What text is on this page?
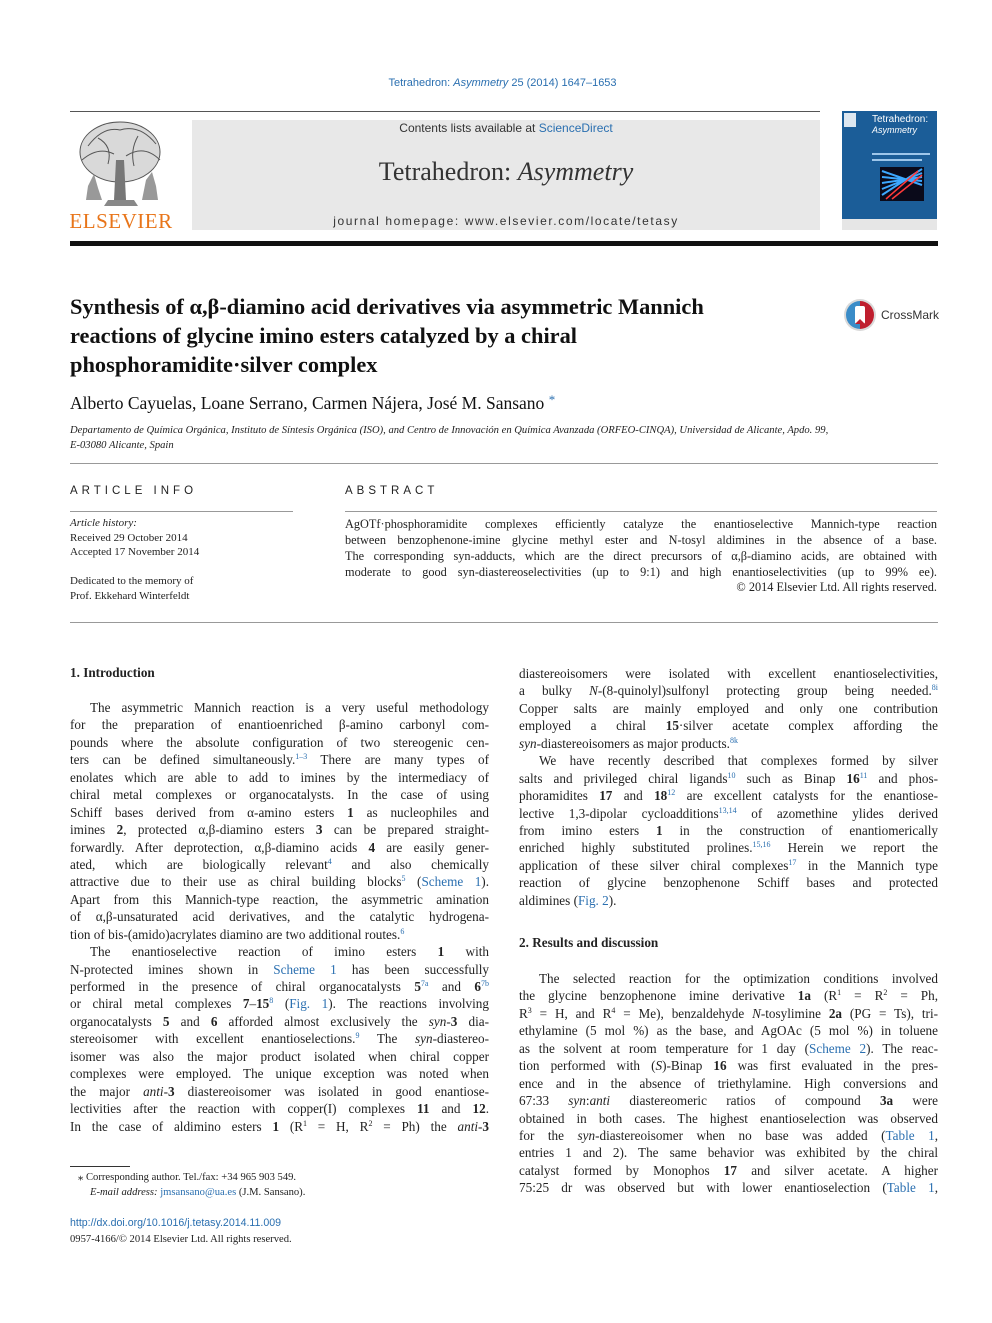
Tetrahedron: Asymmetry 25 (2014) 1647–1653
ELSEVIER
Contents lists available at ScienceDirect
Tetrahedron: Asymmetry
journal homepage: www.elsevier.com/locate/tetasy
Tetrahedron:
Asymmetry
Synthesis of α,β-diamino acid derivatives via asymmetric Mannich
reactions of glycine imino esters catalyzed by a chiral
phosphoramidite·silver complex
CrossMark
Alberto Cayuelas, Loane Serrano, Carmen Nájera, José M. Sansano *
Departamento de Química Orgánica, Instituto de Síntesis Orgánica (ISO), and Centro de Innovación en Química Avanzada (ORFEO-CINQA), Universidad de Alicante, Apdo. 99,
E-03080 Alicante, Spain
ARTICLE INFO
Article history:
Received 29 October 2014
Accepted 17 November 2014
Dedicated to the memory of
Prof. Ekkehard Winterfeldt
ABSTRACT
AgOTf·phosphoramidite complexes efficiently catalyze the enantioselective Mannich-type reaction
between benzophenone-imine glycine methyl ester and N-tosyl aldimines in the absence of a base.
The corresponding syn-adducts, which are the direct precursors of α,β-diamino acids, are obtained with
moderate to good syn-diastereoselectivities (up to 9:1) and high enantioselectivities (up to 99% ee).
© 2014 Elsevier Ltd. All rights reserved.
1. Introduction
The asymmetric Mannich reaction is a very useful methodology
for the preparation of enantioenriched β-amino carbonyl com-
pounds where the absolute configuration of two stereogenic cen-
ters can be defined simultaneously.$^{1-3}$ There are many types of
enolates which are able to add to imines by the intermediacy of
chiral metal complexes or organocatalysts. In the case of using
Schiff bases derived from α-amino esters 1 as nucleophiles and
imines 2, protected α,β-diamino esters 3 can be prepared straight-
forwardly. After deprotection, α,β-diamino acids 4 are easily gener-
ated, which are biologically relevant$^4$ and also chemically
attractive due to their use as chiral building blocks$^5$ (Scheme 1).
Apart from this Mannich-type reaction, the asymmetric amination
of α,β-unsaturated acid derivatives, and the catalytic hydrogena-
tion of bis-(amido)acrylates diamino are two additional routes.$^6$
The enantioselective reaction of imino esters 1 with
N-protected imines shown in Scheme 1 has been successfully
performed in the presence of chiral organocatalysts $5^{7a}$ and $6^{7b}$
or chiral metal complexes $7-15^8$ (Fig. 1). The reactions involving
organocatalysts 5 and 6 afforded almost exclusively the syn-3 dia-
stereoisomer with excellent enantioselections.$^9$ The syn-diastereo-
isomer was also the major product isolated when chiral copper
complexes were employed. The unique exception was noted when
the major anti-3 diastereoisomer was isolated in good enantiose-
lectivities after the reaction with copper(I) complexes 11 and 12.
In the case of aldimino esters 1 ($R^1 = H$, $R^2 = Ph$) the anti-3
diastereoisomers were isolated with excellent enantioselectivities,
a bulky N-(8-quinolyl)sulfonyl protecting group being needed.$^{8i}$
Copper salts are mainly employed and only one contribution
employed a chiral 15·silver acetate complex affording the
syn-diastereoisomers as major products.$^{8k}$
We have recently described that complexes formed by silver
salts and privileged chiral ligands$^{10}$ such as Binap $16^{11}$ and phos-
phoramidites 17 and $18^{12}$ are excellent catalysts for the enantiose-
lective 1,3-dipolar cycloadditions$^{13,14}$ of azomethine ylides derived
from imino esters 1 in the construction of enantiomerically
enriched highly substituted prolines.$^{15,16}$ Herein we report the
application of these silver chiral complexes$^{17}$ in the Mannich type
reaction of glycine benzophenone Schiff bases and protected
aldimines (Fig. 2).
2. Results and discussion
The selected reaction for the optimization conditions involved
the glycine benzophenone imine derivative 1a ($R^1 = R^2 = Ph$,
$R^3 = H$, and $R^4 = Me$), benzaldehyde N-tosylimine 2a (PG = Ts), tri-
ethylamine (5 mol %) as the base, and AgOAc (5 mol %) in toluene
as the solvent at room temperature for 1 day (Scheme 2). The reac-
tion performed with (S)-Binap 16 was first evaluated in the pres-
ence and in the absence of triethylamine. High conversions and
67:33 syn:anti diastereomeric ratios of compound 3a were
obtained in both cases. The highest enantioselection was observed
for the syn-diastereoisomer when no base was added (Table 1,
entries 1 and 2). The same behavior was exhibited by the chiral
catalyst formed by Monophos 17 and silver acetate. A higher
75:25 dr was observed but with lower enantioselection (Table 1,
⁎ Corresponding author. Tel./fax: +34 965 903 549.
E-mail address: jmsansano@ua.es (J.M. Sansano).
http://dx.doi.org/10.1016/j.tetasy.2014.11.009
0957-4166/© 2014 Elsevier Ltd. All rights reserved.
